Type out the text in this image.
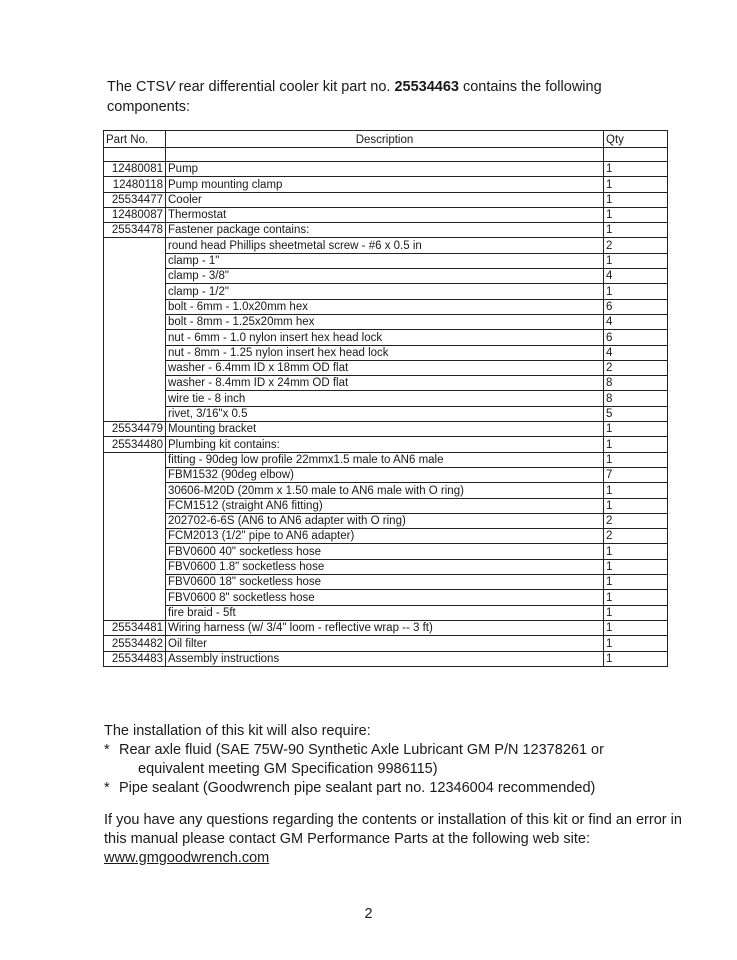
The CTSV rear differential cooler kit part no. 25534463 contains the following components:
Part No.	Description	Qty

12480081	Pump	1
12480118	Pump mounting clamp	1
25534477	Cooler	1
12480087	Thermostat	1
25534478	Fastener package contains:	1
	round head Phillips sheetmetal screw - #6 x 0.5 in	2
	clamp - 1"	1
	clamp - 3/8"	4
	clamp - 1/2"	1
	bolt - 6mm - 1.0x20mm hex	6
	bolt - 8mm - 1.25x20mm hex	4
	nut - 6mm - 1.0 nylon insert hex head lock	6
	nut - 8mm - 1.25 nylon insert hex head lock	4
	washer - 6.4mm ID x 18mm OD flat	2
	washer - 8.4mm ID x 24mm OD flat	8
	wire tie - 8 inch	8
	rivet, 3/16"x 0.5	5
25534479	Mounting bracket	1
25534480	Plumbing kit contains:	1
	fitting - 90deg low profile 22mmx1.5 male to AN6 male	1
	FBM1532 (90deg elbow)	7
	30606-M20D (20mm x 1.50 male to AN6 male with O ring)	1
	FCM1512 (straight AN6 fitting)	1
	202702-6-6S (AN6 to AN6 adapter with O ring)	2
	FCM2013 (1/2" pipe to AN6 adapter)	2
	FBV0600 40" socketless hose	1
	FBV0600 1.8" socketless hose	1
	FBV0600 18" socketless hose	1
	FBV0600 8" socketless hose	1
	fire braid - 5ft	1
25534481	Wiring harness (w/ 3/4" loom - reflective wrap -- 3 ft)	1
25534482	Oil filter	1
25534483	Assembly instructions	1
The installation of this kit will also require:
* Rear axle fluid (SAE 75W-90 Synthetic Axle Lubricant GM P/N 12378261 or
equivalent meeting GM Specification 9986115)
* Pipe sealant (Goodwrench pipe sealant part no. 12346004 recommended)
If you have any questions regarding the contents or installation of this kit or find an error in this manual please contact GM Performance Parts at the following web site:
www.gmgoodwrench.com
2
